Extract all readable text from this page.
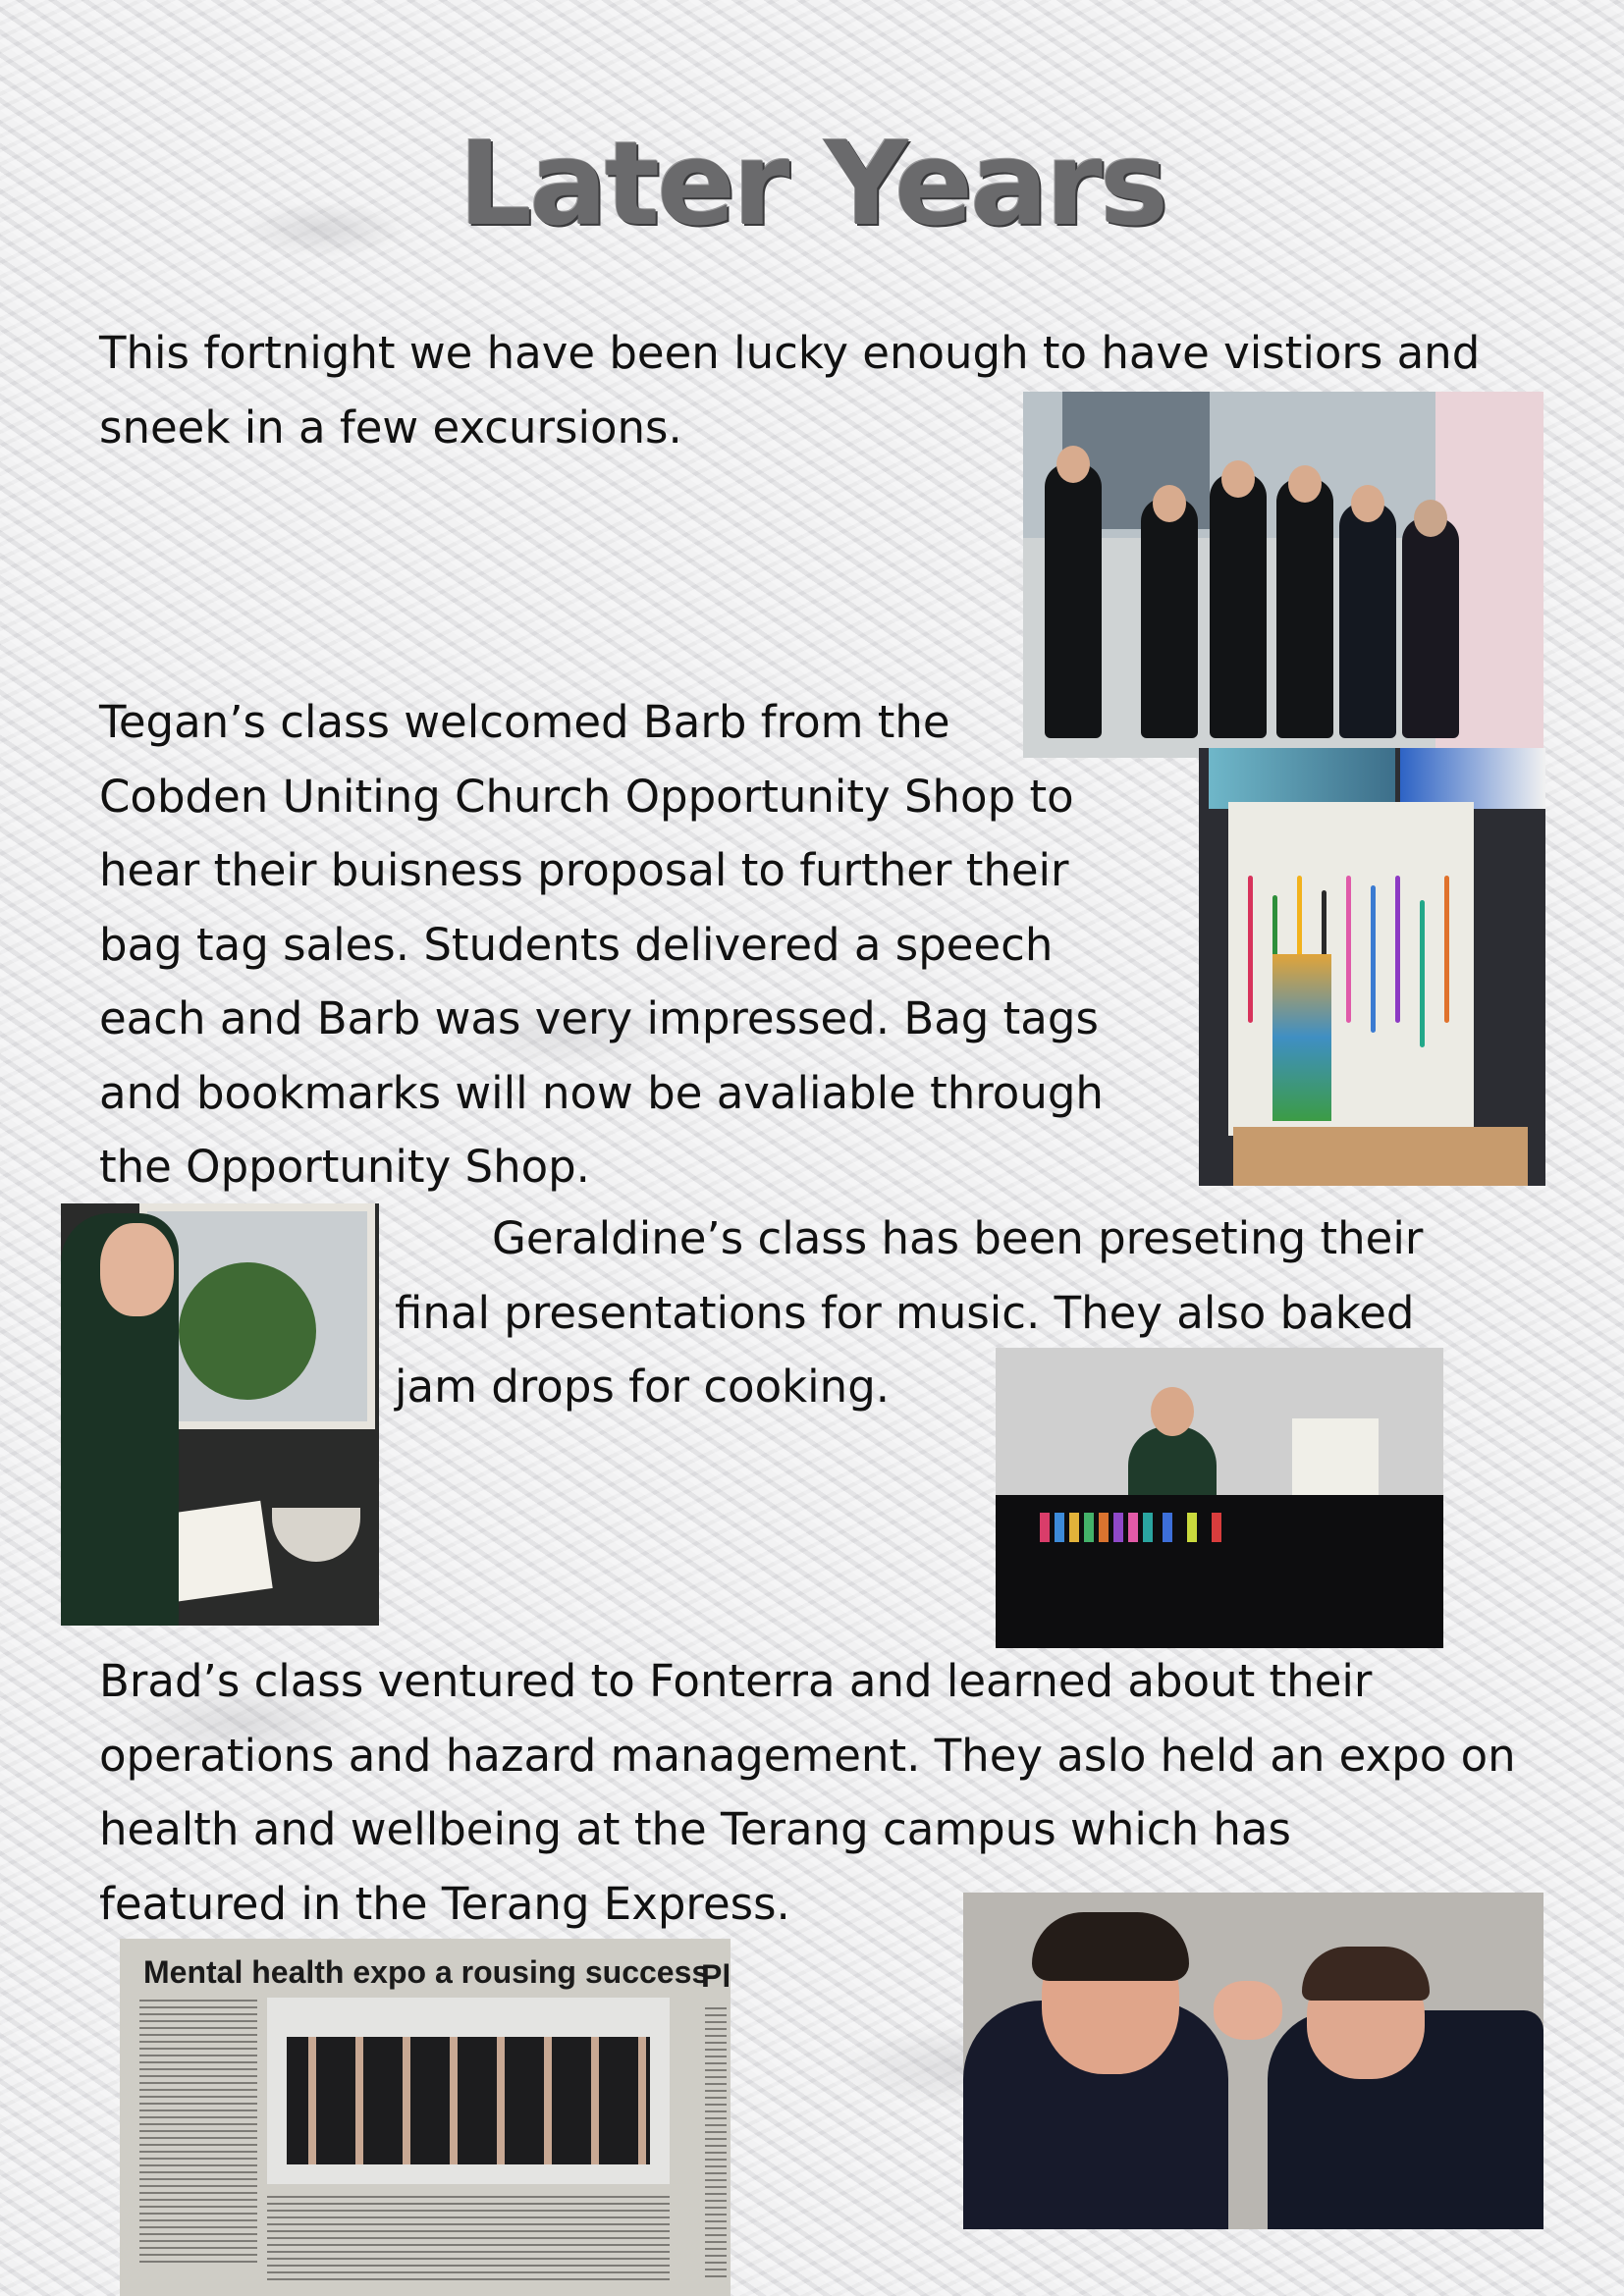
Later Years

This fortnight we have been lucky enough to have vistiors and
sneek in a few excursions.

Tegan’s class welcomed Barb from the
Cobden Uniting Church Opportunity Shop to
hear their buisness proposal to further their
bag tag sales. Students delivered a speech
each and Barb was very impressed. Bag tags
and bookmarks will now be avaliable through
the Opportunity Shop.

Geraldine’s class has been preseting their
final presentations for music. They also baked
jam drops for cooking.

Brad’s class ventured to Fonterra and learned about their
operations and hazard management. They aslo held an expo on
health and wellbeing at the Terang campus which has
featured in the Terang Express.

Mental health expo a rousing success

Pl
